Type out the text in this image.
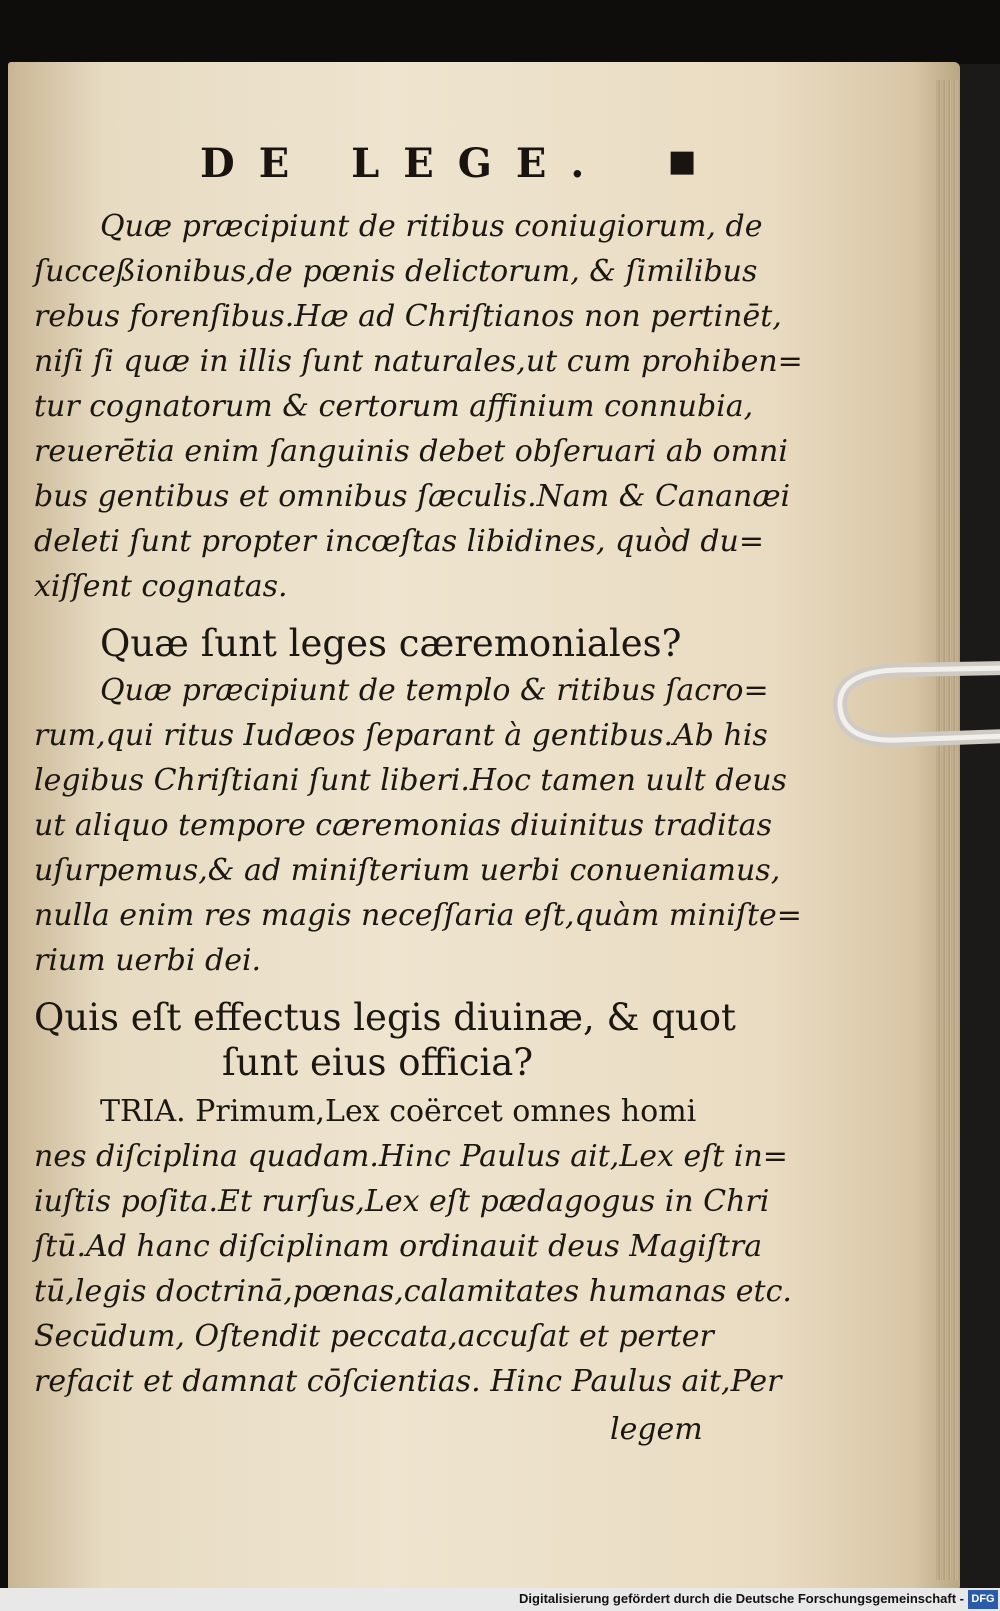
DE LEGE. ■
Quæ præcipiunt de ritibus coniugiorum, de
ſucceßionibus,de pœnis delictorum, & ſimilibus
rebus forenſibus.Hæ ad Chriſtianos non pertinēt,
niſi ſi quæ in illis ſunt naturales,ut cum prohiben=
tur cognatorum & certorum affinium connubia,
reuerētia enim ſanguinis debet obſeruari ab omni
bus gentibus et omnibus ſæculis.Nam & Cananæi
deleti ſunt propter incœſtas libidines, quòd du=
xiſſent cognatas.
Quæ ſunt leges cæremoniales?
Quæ præcipiunt de templo & ritibus ſacro=
rum,qui ritus Iudæos ſeparant à gentibus.Ab his
legibus Chriſtiani ſunt liberi.Hoc tamen uult deus
ut aliquo tempore cæremonias diuinitus traditas
uſurpemus,& ad miniſterium uerbi conueniamus,
nulla enim res magis neceſſaria eſt,quàm miniſte=
rium uerbi dei.
Quis eſt effectus legis diuinæ, & quot
ſunt eius officia?
TRIA. Primum,Lex coërcet omnes homi
nes diſciplina quadam.Hinc Paulus ait,Lex eſt in=
iuſtis poſita.Et rurſus,Lex eſt pædagogus in Chri
ſtū.Ad hanc diſciplinam ordinauit deus Magiſtra
tū,legis doctrinā,pœnas,calamitates humanas etc.
Secūdum, Oſtendit peccata,accuſat et perter
refacit et damnat cōſcientias. Hinc Paulus ait,Per
legem
Digitalisierung gefördert durch die Deutsche Forschungsgemeinschaft - DFG
